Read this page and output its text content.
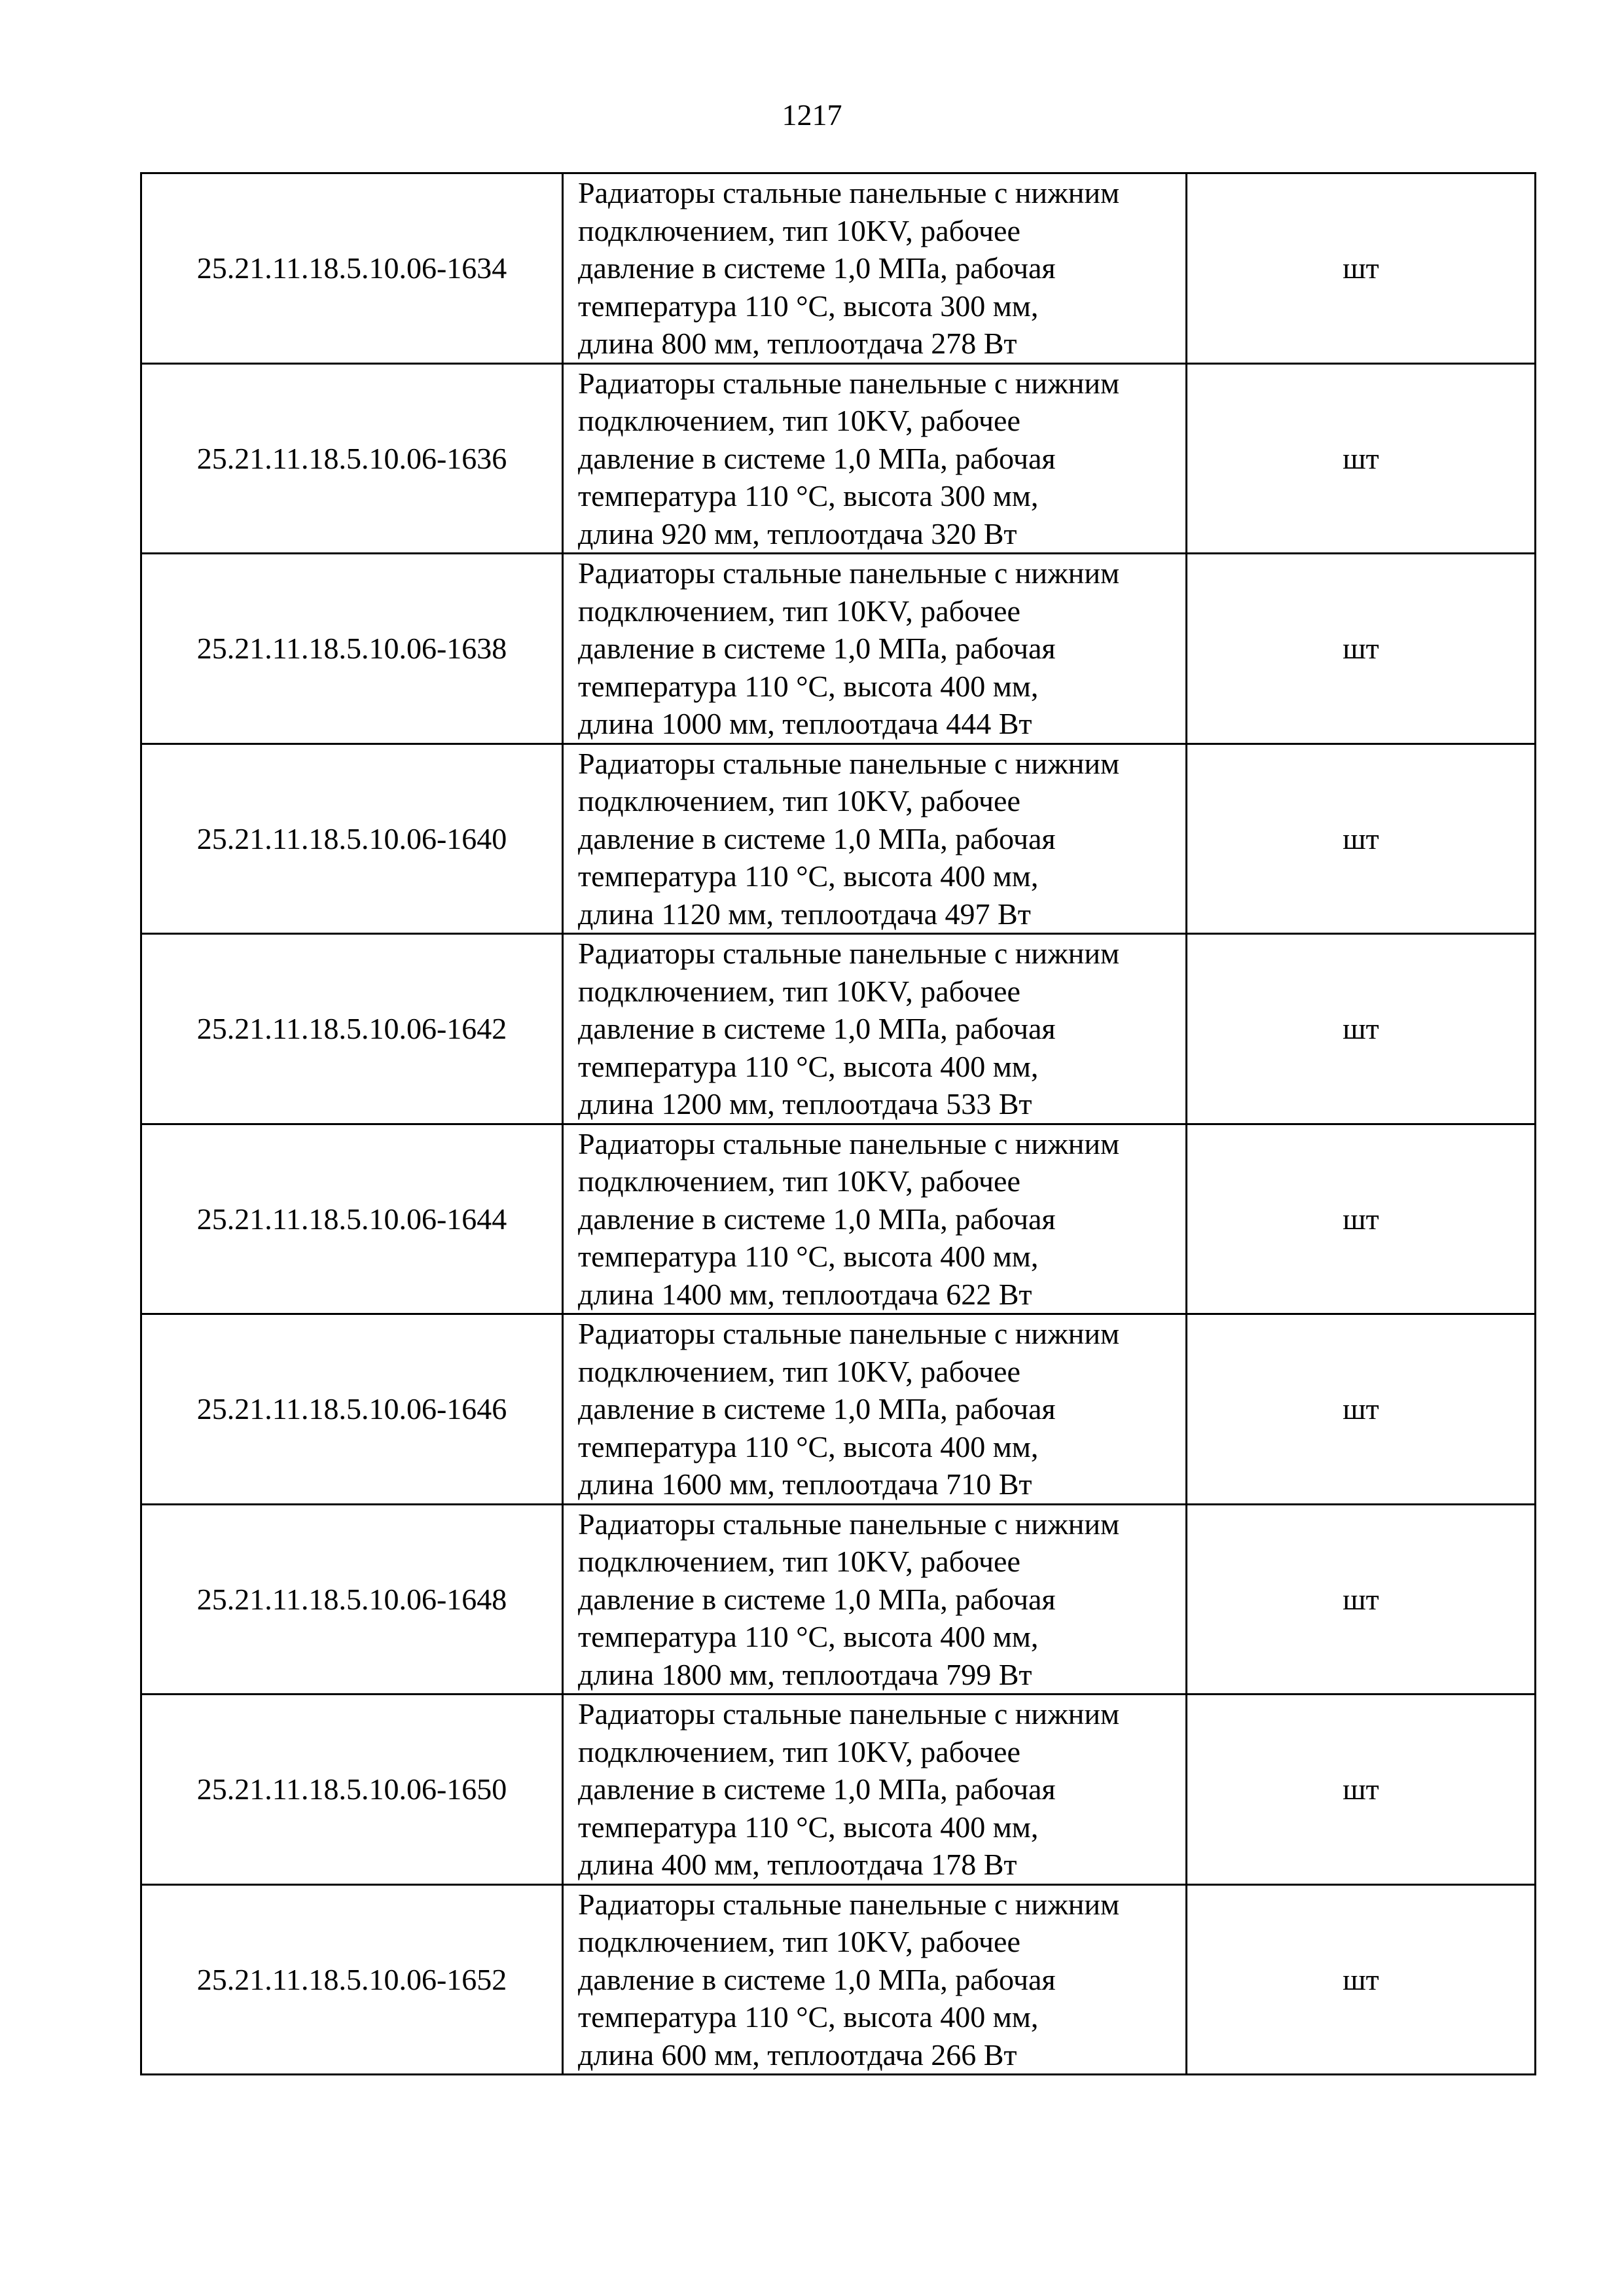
1217
25.21.11.18.5.10.06-1634	Радиаторы стальные панельные с нижним
подключением, тип 10KV, рабочее
давление в системе 1,0 МПа, рабочая
температура 110 °С, высота 300 мм,
длина 800 мм, теплоотдача 278 Вт	шт
25.21.11.18.5.10.06-1636	Радиаторы стальные панельные с нижним
подключением, тип 10KV, рабочее
давление в системе 1,0 МПа, рабочая
температура 110 °С, высота 300 мм,
длина 920 мм, теплоотдача 320 Вт	шт
25.21.11.18.5.10.06-1638	Радиаторы стальные панельные с нижним
подключением, тип 10KV, рабочее
давление в системе 1,0 МПа, рабочая
температура 110 °С, высота 400 мм,
длина 1000 мм, теплоотдача 444 Вт	шт
25.21.11.18.5.10.06-1640	Радиаторы стальные панельные с нижним
подключением, тип 10KV, рабочее
давление в системе 1,0 МПа, рабочая
температура 110 °С, высота 400 мм,
длина 1120 мм, теплоотдача 497 Вт	шт
25.21.11.18.5.10.06-1642	Радиаторы стальные панельные с нижним
подключением, тип 10KV, рабочее
давление в системе 1,0 МПа, рабочая
температура 110 °С, высота 400 мм,
длина 1200 мм, теплоотдача 533 Вт	шт
25.21.11.18.5.10.06-1644	Радиаторы стальные панельные с нижним
подключением, тип 10KV, рабочее
давление в системе 1,0 МПа, рабочая
температура 110 °С, высота 400 мм,
длина 1400 мм, теплоотдача 622 Вт	шт
25.21.11.18.5.10.06-1646	Радиаторы стальные панельные с нижним
подключением, тип 10KV, рабочее
давление в системе 1,0 МПа, рабочая
температура 110 °С, высота 400 мм,
длина 1600 мм, теплоотдача 710 Вт	шт
25.21.11.18.5.10.06-1648	Радиаторы стальные панельные с нижним
подключением, тип 10KV, рабочее
давление в системе 1,0 МПа, рабочая
температура 110 °С, высота 400 мм,
длина 1800 мм, теплоотдача 799 Вт	шт
25.21.11.18.5.10.06-1650	Радиаторы стальные панельные с нижним
подключением, тип 10KV, рабочее
давление в системе 1,0 МПа, рабочая
температура 110 °С, высота 400 мм,
длина 400 мм, теплоотдача 178 Вт	шт
25.21.11.18.5.10.06-1652	Радиаторы стальные панельные с нижним
подключением, тип 10KV, рабочее
давление в системе 1,0 МПа, рабочая
температура 110 °С, высота 400 мм,
длина 600 мм, теплоотдача 266 Вт	шт
